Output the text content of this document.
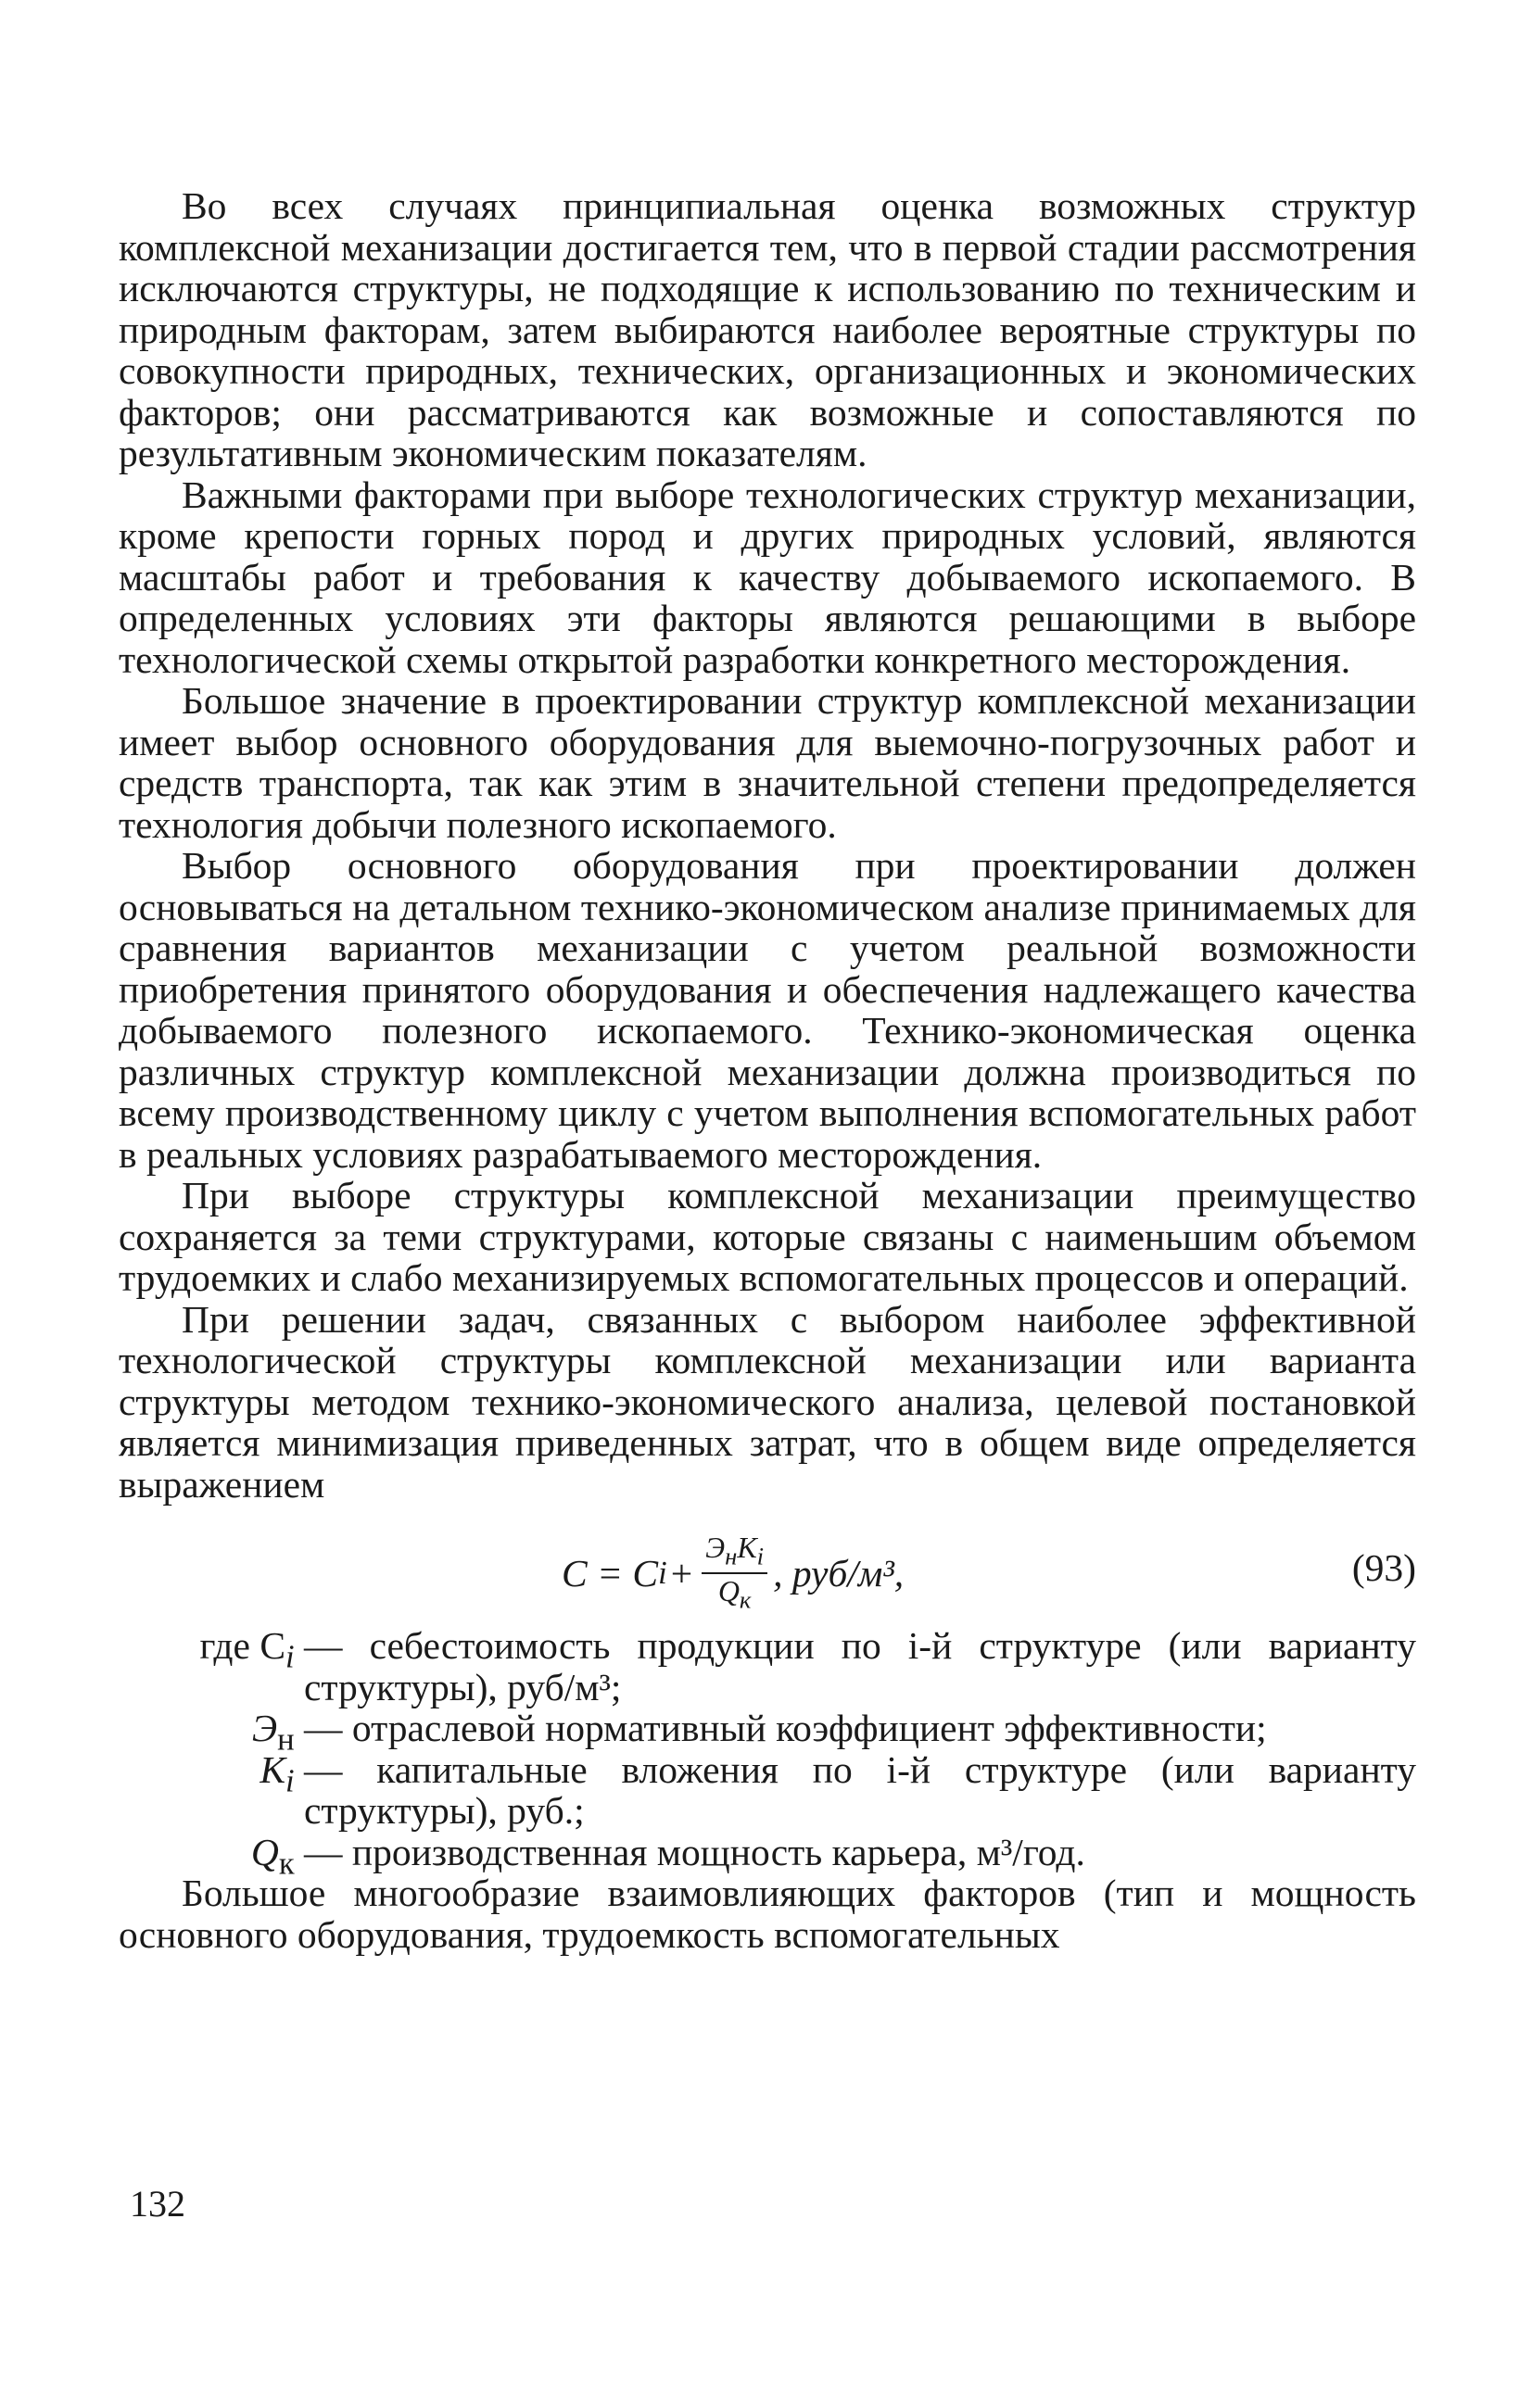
Во всех случаях принципиальная оценка возможных структур комплексной механизации достигается тем, что в первой стадии рассмотрения исключаются структуры, не подходящие к использованию по техническим и природным факторам, затем выбираются наиболее вероятные структуры по совокупности природных, технических, организационных и экономических факторов; они рассматриваются как возможные и сопоставляются по результативным экономическим показателям.

Важными факторами при выборе технологических структур механизации, кроме крепости горных пород и других природных условий, являются масштабы работ и требования к качеству добываемого ископаемого. В определенных условиях эти факторы являются решающими в выборе технологической схемы открытой разработки конкретного месторождения.

Большое значение в проектировании структур комплексной механизации имеет выбор основного оборудования для выемочно-погрузочных работ и средств транспорта, так как этим в значительной степени предопределяется технология добычи полезного ископаемого.

Выбор основного оборудования при проектировании должен основываться на детальном технико-экономическом анализе принимаемых для сравнения вариантов механизации с учетом реальной возможности приобретения принятого оборудования и обеспечения надлежащего качества добываемого полезного ископаемого. Технико-экономическая оценка различных структур комплексной механизации должна производиться по всему производственному циклу с учетом выполнения вспомогательных работ в реальных условиях разрабатываемого месторождения.

При выборе структуры комплексной механизации преимущество сохраняется за теми структурами, которые связаны с наименьшим объемом трудоемких и слабо механизируемых вспомогательных процессов и операций.

При решении задач, связанных с выбором наиболее эффективной технологической структуры комплексной механизации или варианта структуры методом технико-экономического анализа, целевой постановкой является минимизация приведенных затрат, что в общем виде определяется выражением

C = C $i + \frac{Э_нK_i}{Q_к}$ , руб/м³,	(93)
где $C_i$ — себестоимость продукции по i-й структуре (или варианту структуры), руб/м³;
$Э_н$ — отраслевой нормативный коэффициент эффективности;
$K_i$ — капитальные вложения по i-й структуре (или варианту структуры), руб.;
$Q_к$ — производственная мощность карьера, м³/год.

Большое многообразие взаимовлияющих факторов (тип и мощность основного оборудования, трудоемкость вспомогательных

132
